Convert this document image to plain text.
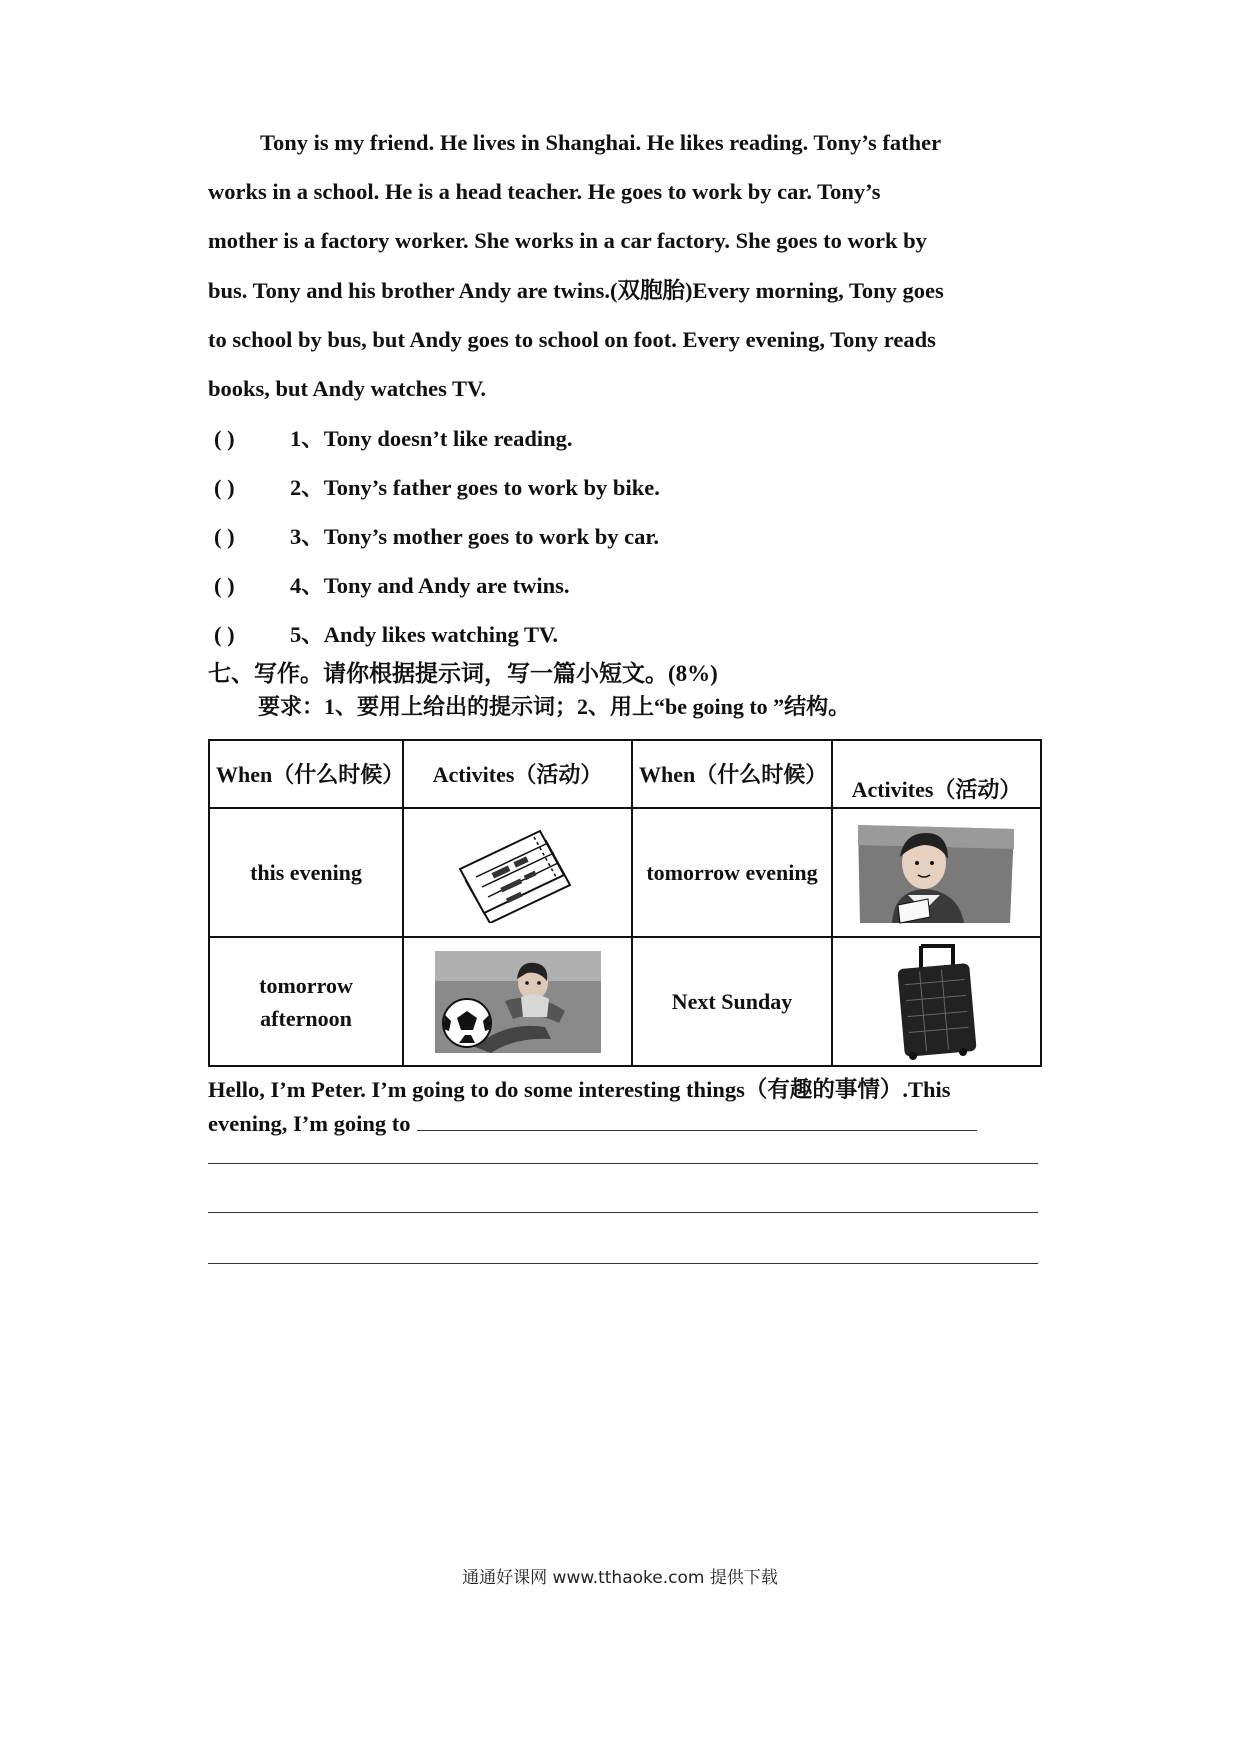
Tony is my friend. He lives in Shanghai. He likes reading. Tony’s father

works in a school. He is a head teacher. He goes to work by car. Tony’s

mother is a factory worker. She works in a car factory. She goes to work by

bus. Tony and his brother Andy are twins.(双胞胎)Every morning, Tony goes

to school by bus, but Andy goes to school on foot. Every evening, Tony reads

books, but Andy watches TV.

( ) 1、Tony doesn’t like reading.
( ) 2、Tony’s father goes to work by bike.
( ) 3、Tony’s mother goes to work by car.
( ) 4、Tony and Andy are twins.
( ) 5、Andy likes watching TV.
七、写作。请你根据提示词，写一篇小短文。(8%)
要求：1、要用上给出的提示词；2、用上“be going to ”结构。
When（什么时候）	Activites（活动）	When（什么时候）	Activites（活动）
this evening		tomorrow evening	

tomorrow afternoon		Next Sunday	
Hello, I’m Peter. I’m going to do some interesting things（有趣的事情）.This
evening, I’m going to
通通好课网 www.tthaoke.com 提供下载
